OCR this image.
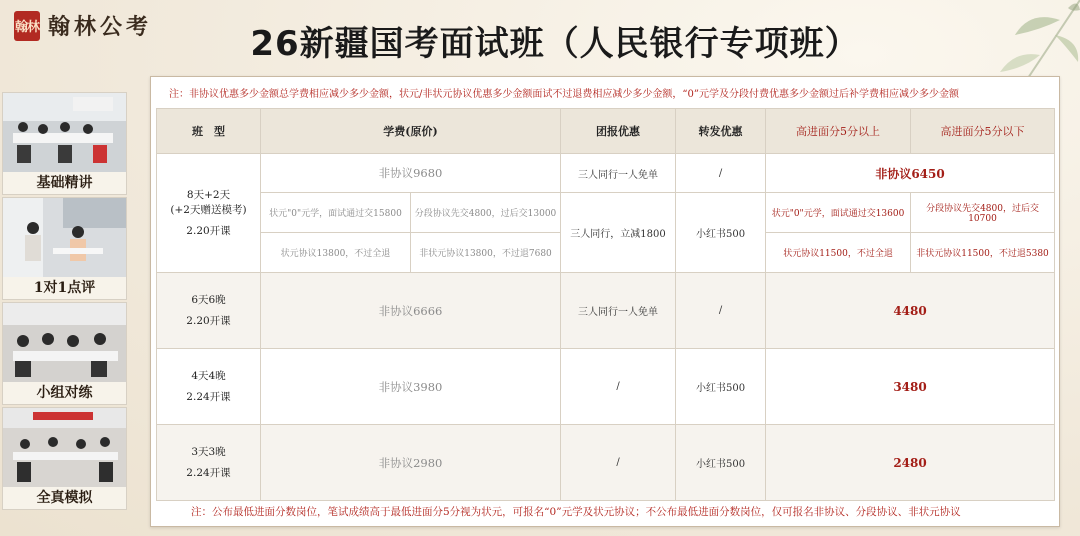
翰林 翰林公考	26新疆国考面试班（人民银行专项班）
基础精讲
1对1点评
小组对练
全真模拟
注：非协议优惠多少金额总学费相应减少多少金额，状元/非状元协议优惠多少金额面试不过退费相应减少多少金额，“0”元学及分段付费优惠多少金额过后补学费相应减少多少金额
班　型	学费(原价)		团报优惠	转发优惠	高进面分5分以上	高进面分5分以下

8天+2天
(+2天赠送模考)
2.20开课	非协议9680		三人同行一人免单	/	非协议6450	
	状元"0"元学，面试通过交15800	分段协议先交4800，过后交13000	三人同行，立减1800	小红书500	状元"0"元学，面试通过交13600	分段协议先交4800，过后交10700
	状元协议13800，不过全退	非状元协议13800，不过退7680			状元协议11500，不过全退	非状元协议11500，不过退5380

6天6晚
2.20开课	非协议6666		三人同行一人免单	/	4480	

4天4晚
2.24开课	非协议3980		/	小红书500	3480	

3天3晚
2.24开课	非协议2980		/	小红书500	2480	
注：公布最低进面分数岗位，笔试成绩高于最低进面分5分视为状元，可报名“0”元学及状元协议；不公布最低进面分数岗位，仅可报名非协议、分段协议、非状元协议
